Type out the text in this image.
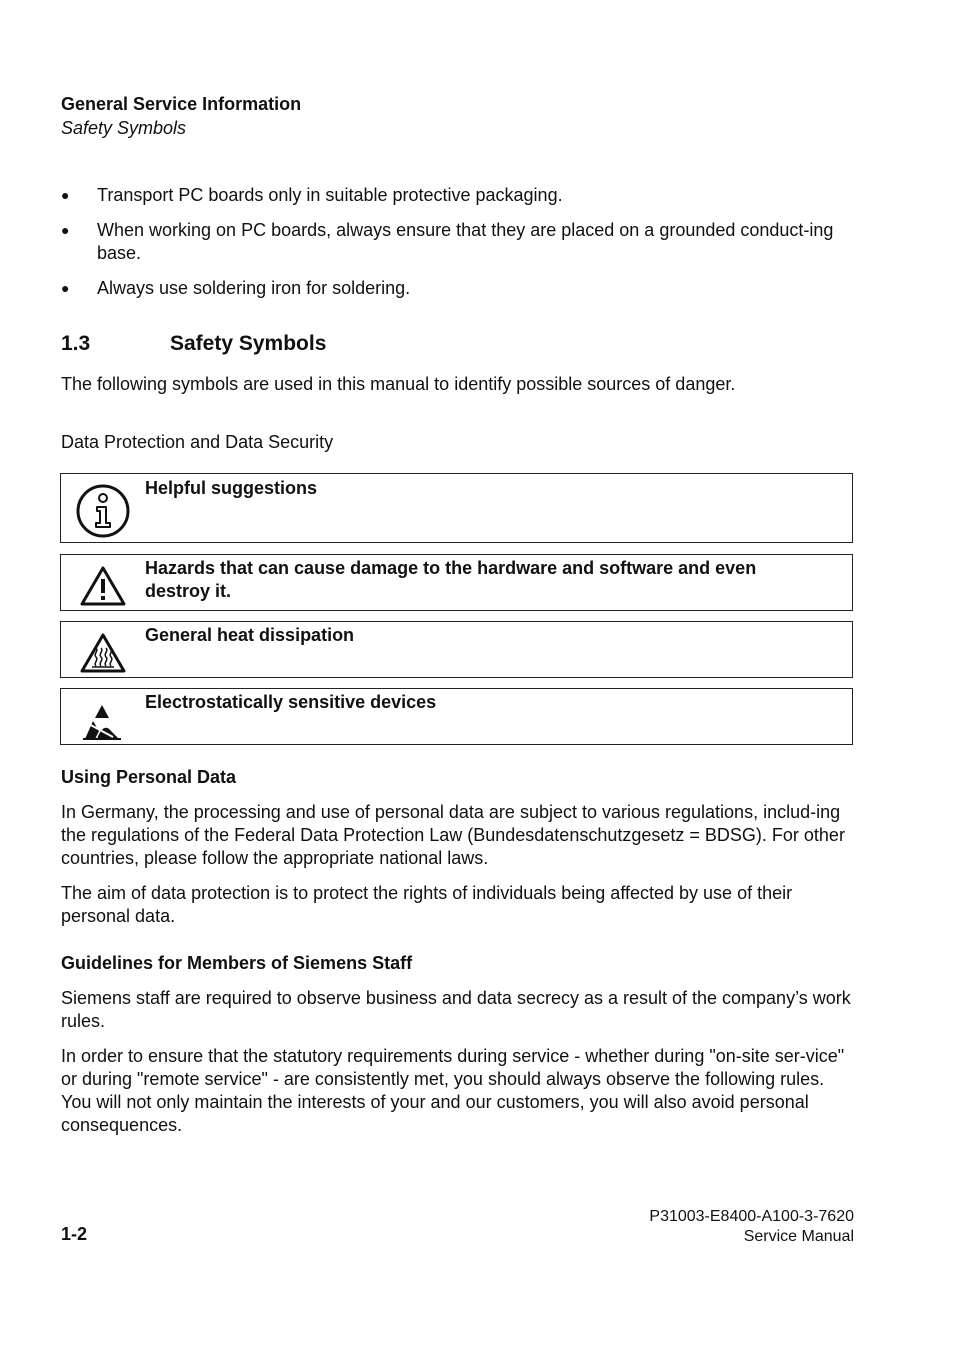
General Service Information
Safety Symbols
● Transport PC boards only in suitable protective packaging.
● When working on PC boards, always ensure that they are placed on a grounded conduct-ing base.
● Always use soldering iron for soldering.
1.3	Safety Symbols
The following symbols are used in this manual to identify possible sources of danger.
Data Protection and Data Security
Helpful suggestions
Hazards that can cause damage to the hardware and software and even destroy it.
General heat dissipation
Electrostatically sensitive devices
Using Personal Data
In Germany, the processing and use of personal data are subject to various regulations, includ-ing the regulations of the Federal Data Protection Law (Bundesdatenschutzgesetz = BDSG). For other countries, please follow the appropriate national laws.
The aim of data protection is to protect the rights of individuals being affected by use of their personal data.
Guidelines for Members of Siemens Staff
Siemens staff are required to observe business and data secrecy as a result of the company’s work rules.
In order to ensure that the statutory requirements during service - whether during "on-site ser-vice" or during "remote service" - are consistently met, you should always observe the following rules. You will not only maintain the interests of your and our customers, you will also avoid personal consequences.
1-2
P31003-E8400-A100-3-7620
Service Manual
